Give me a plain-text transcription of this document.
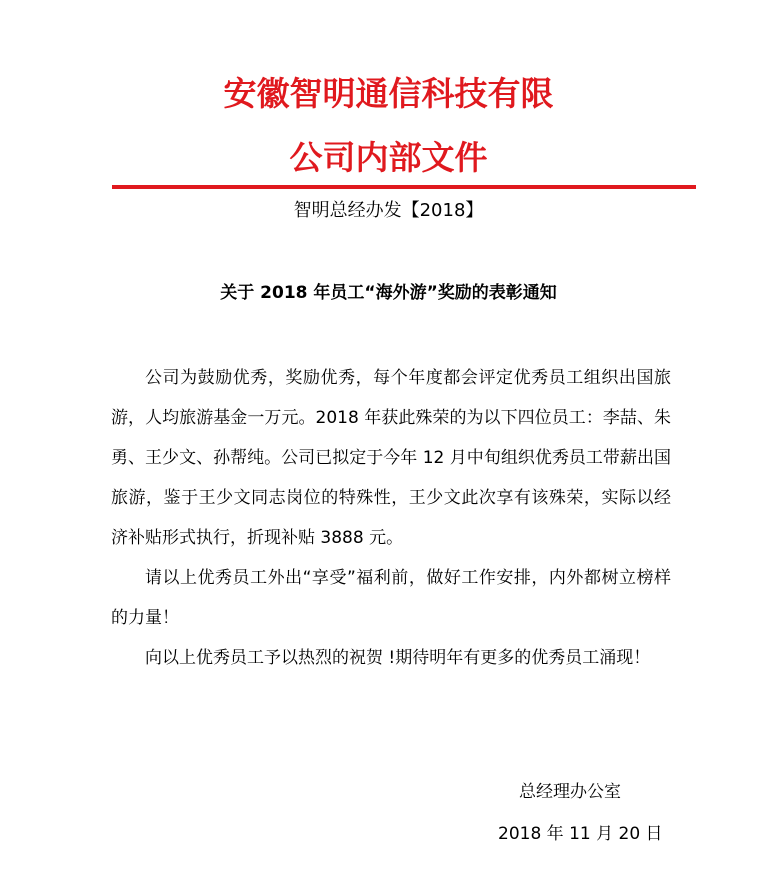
安徽智明通信科技有限
公司内部文件
智明总经办发【2018】
关于 2018 年员工“海外游”奖励的表彰通知

公司为鼓励优秀，奖励优秀，每个年度都会评定优秀员工组织出国旅游，人均旅游基金一万元。2018 年获此殊荣的为以下四位员工：李喆、朱勇、王少文、孙帮纯。公司已拟定于今年 12 月中旬组织优秀员工带薪出国旅游，鉴于王少文同志岗位的特殊性，王少文此次享有该殊荣，实际以经济补贴形式执行，折现补贴 3888 元。

请以上优秀员工外出“享受”福利前，做好工作安排，内外都树立榜样的力量！

向以上优秀员工予以热烈的祝贺 !期待明年有更多的优秀员工涌现！

总经理办公室
2018 年 11 月 20 日
